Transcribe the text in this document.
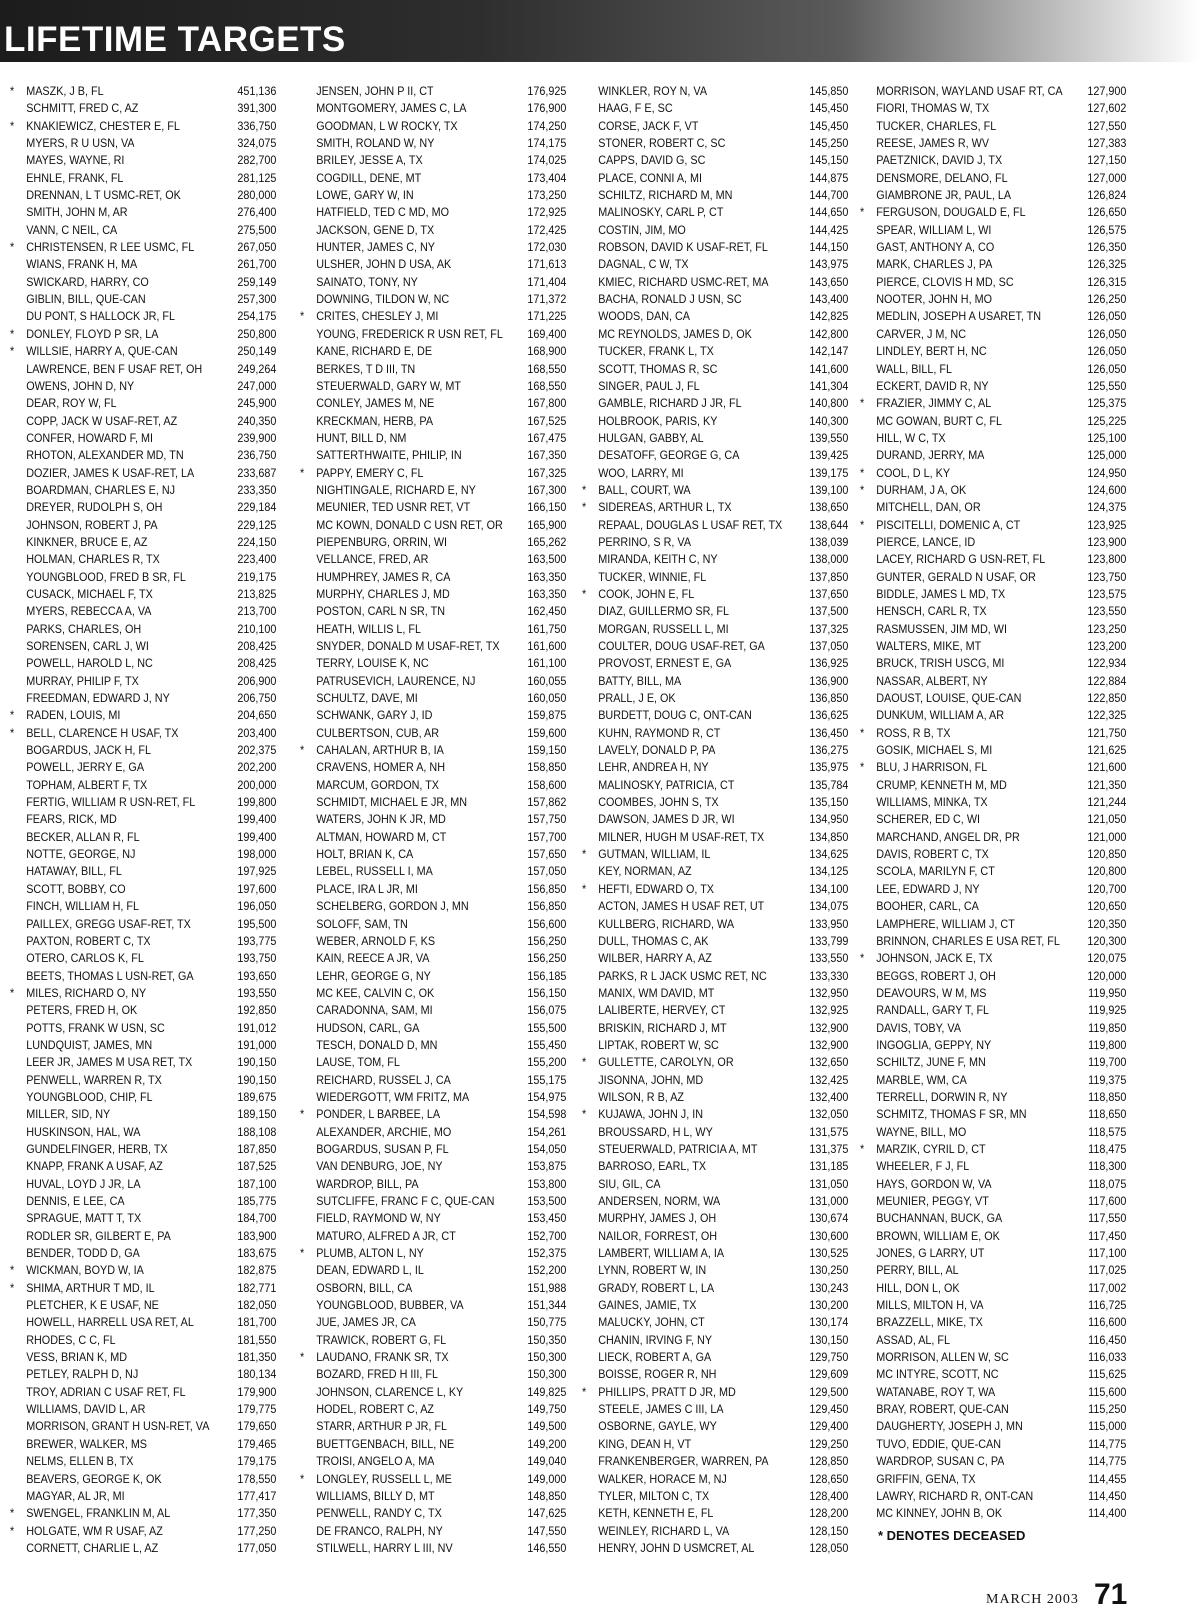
LIFETIME TARGETS
* MASZK, J B, FL	451,136
SCHMITT, FRED C, AZ	391,300
* KNAKIEWICZ, CHESTER E, FL	336,750
MYERS, R U USN, VA	324,075
MAYES, WAYNE, RI	282,700
EHNLE, FRANK, FL	281,125
DRENNAN, L T USMC-RET, OK	280,000
SMITH, JOHN M, AR	276,400
VANN, C NEIL, CA	275,500
* CHRISTENSEN, R LEE USMC, FL	267,050
WIANS, FRANK H, MA	261,700
SWICKARD, HARRY, CO	259,149
GIBLIN, BILL, QUE-CAN	257,300
DU PONT, S HALLOCK JR, FL	254,175
* DONLEY, FLOYD P SR, LA	250,800
* WILLSIE, HARRY A, QUE-CAN	250,149
LAWRENCE, BEN F USAF RET, OH	249,264
OWENS, JOHN D, NY	247,000
DEAR, ROY W, FL	245,900
COPP, JACK W USAF-RET, AZ	240,350
CONFER, HOWARD F, MI	239,900
RHOTON, ALEXANDER MD, TN	236,750
DOZIER, JAMES K USAF-RET, LA	233,687
BOARDMAN, CHARLES E, NJ	233,350
DREYER, RUDOLPH S, OH	229,184
JOHNSON, ROBERT J, PA	229,125
KINKNER, BRUCE E, AZ	224,150
HOLMAN, CHARLES R, TX	223,400
YOUNGBLOOD, FRED B SR, FL	219,175
CUSACK, MICHAEL F, TX	213,825
MYERS, REBECCA A, VA	213,700
PARKS, CHARLES, OH	210,100
SORENSEN, CARL J, WI	208,425
POWELL, HAROLD L, NC	208,425
MURRAY, PHILIP F, TX	206,900
FREEDMAN, EDWARD J, NY	206,750
* RADEN, LOUIS, MI	204,650
* BELL, CLARENCE H USAF, TX	203,400
BOGARDUS, JACK H, FL	202,375
POWELL, JERRY E, GA	202,200
TOPHAM, ALBERT F, TX	200,000
FERTIG, WILLIAM R USN-RET, FL	199,800
FEARS, RICK, MD	199,400
BECKER, ALLAN R, FL	199,400
NOTTE, GEORGE, NJ	198,000
HATAWAY, BILL, FL	197,925
SCOTT, BOBBY, CO	197,600
FINCH, WILLIAM H, FL	196,050
PAILLEX, GREGG USAF-RET, TX	195,500
PAXTON, ROBERT C, TX	193,775
OTERO, CARLOS K, FL	193,750
BEETS, THOMAS L USN-RET, GA	193,650
* MILES, RICHARD O, NY	193,550
PETERS, FRED H, OK	192,850
POTTS, FRANK W USN, SC	191,012
LUNDQUIST, JAMES, MN	191,000
LEER JR, JAMES M USA RET, TX	190,150
PENWELL, WARREN R, TX	190,150
YOUNGBLOOD, CHIP, FL	189,675
MILLER, SID, NY	189,150
HUSKINSON, HAL, WA	188,108
GUNDELFINGER, HERB, TX	187,850
KNAPP, FRANK A USAF, AZ	187,525
HUVAL, LOYD J JR, LA	187,100
DENNIS, E LEE, CA	185,775
SPRAGUE, MATT T, TX	184,700
RODLER SR, GILBERT E, PA	183,900
BENDER, TODD D, GA	183,675
* WICKMAN, BOYD W, IA	182,875
* SHIMA, ARTHUR T MD, IL	182,771
PLETCHER, K E USAF, NE	182,050
HOWELL, HARRELL USA RET, AL	181,700
RHODES, C C, FL	181,550
VESS, BRIAN K, MD	181,350
PETLEY, RALPH D, NJ	180,134
TROY, ADRIAN C USAF RET, FL	179,900
WILLIAMS, DAVID L, AR	179,775
MORRISON, GRANT H USN-RET, VA 179,650
BREWER, WALKER, MS	179,465
NELMS, ELLEN B, TX	179,175
BEAVERS, GEORGE K, OK	178,550
MAGYAR, AL JR, MI	177,417
* SWENGEL, FRANKLIN M, AL	177,350
* HOLGATE, WM R USAF, AZ	177,250
CORNETT, CHARLIE L, AZ	177,050
JENSEN, JOHN P II, CT	176,925
MONTGOMERY, JAMES C, LA	176,900
GOODMAN, L W ROCKY, TX	174,250
SMITH, ROLAND W, NY	174,175
BRILEY, JESSE A, TX	174,025
COGDILL, DENE, MT	173,404
LOWE, GARY W, IN	173,250
HATFIELD, TED C MD, MO	172,925
JACKSON, GENE D, TX	172,425
HUNTER, JAMES C, NY	172,030
ULSHER, JOHN D USA, AK	171,613
SAINATO, TONY, NY	171,404
DOWNING, TILDON W, NC	171,372
* CRITES, CHESLEY J, MI	171,225
YOUNG, FREDERICK R USN RET, FL 169,400
KANE, RICHARD E, DE	168,900
BERKES, T D III, TN	168,550
STEUERWALD, GARY W, MT	168,550
CONLEY, JAMES M, NE	167,800
KRECKMAN, HERB, PA	167,525
HUNT, BILL D, NM	167,475
SATTERTHWAITE, PHILIP, IN	167,350
* PAPPY, EMERY C, FL	167,325
NIGHTINGALE, RICHARD E, NY	167,300
MEUNIER, TED USNR RET, VT	166,150
MC KOWN, DONALD C USN RET, OR 165,900
PIEPENBURG, ORRIN, WI	165,262
VELLANCE, FRED, AR	163,500
HUMPHREY, JAMES R, CA	163,350
MURPHY, CHARLES J, MD	163,350
POSTON, CARL N SR, TN	162,450
HEATH, WILLIS L, FL	161,750
SNYDER, DONALD M USAF-RET, TX 161,600
TERRY, LOUISE K, NC	161,100
PATRUSEVICH, LAURENCE, NJ	160,055
SCHULTZ, DAVE, MI	160,050
SCHWANK, GARY J, ID	159,875
CULBERTSON, CUB, AR	159,600
* CAHALAN, ARTHUR B, IA	159,150
CRAVENS, HOMER A, NH	158,850
MARCUM, GORDON, TX	158,600
SCHMIDT, MICHAEL E JR, MN	157,862
WATERS, JOHN K JR, MD	157,750
ALTMAN, HOWARD M, CT	157,700
HOLT, BRIAN K, CA	157,650
LEBEL, RUSSELL I, MA	157,050
PLACE, IRA L JR, MI	156,850
SCHELBERG, GORDON J, MN	156,850
SOLOFF, SAM, TN	156,600
WEBER, ARNOLD F, KS	156,250
KAIN, REECE A JR, VA	156,250
LEHR, GEORGE G, NY	156,185
MC KEE, CALVIN C, OK	156,150
CARADONNA, SAM, MI	156,075
HUDSON, CARL, GA	155,500
TESCH, DONALD D, MN	155,450
LAUSE, TOM, FL	155,200
REICHARD, RUSSEL J, CA	155,175
WIEDERGOTT, WM FRITZ, MA	154,975
* PONDER, L BARBEE, LA	154,598
ALEXANDER, ARCHIE, MO	154,261
BOGARDUS, SUSAN P, FL	154,050
VAN DENBURG, JOE, NY	153,875
WARDROP, BILL, PA	153,800
SUTCLIFFE, FRANC F C, QUE-CAN	153,500
FIELD, RAYMOND W, NY	153,450
MATURO, ALFRED A JR, CT	152,700
* PLUMB, ALTON L, NY	152,375
DEAN, EDWARD L, IL	152,200
OSBORN, BILL, CA	151,988
YOUNGBLOOD, BUBBER, VA	151,344
JUE, JAMES JR, CA	150,775
TRAWICK, ROBERT G, FL	150,350
* LAUDANO, FRANK SR, TX	150,300
BOZARD, FRED H III, FL	150,300
JOHNSON, CLARENCE L, KY	149,825
HODEL, ROBERT C, AZ	149,750
STARR, ARTHUR P JR, FL	149,500
BUETTGENBACH, BILL, NE	149,200
TROISI, ANGELO A, MA	149,040
* LONGLEY, RUSSELL L, ME	149,000
WILLIAMS, BILLY D, MT	148,850
PENWELL, RANDY C, TX	147,625
DE FRANCO, RALPH, NY	147,550
STILWELL, HARRY L III, NV	146,550
WINKLER, ROY N, VA	145,850
HAAG, F E, SC	145,450
CORSE, JACK F, VT	145,450
STONER, ROBERT C, SC	145,250
CAPPS, DAVID G, SC	145,150
PLACE, CONNI A, MI	144,875
SCHILTZ, RICHARD M, MN	144,700
MALINOSKY, CARL P, CT	144,650
COSTIN, JIM, MO	144,425
ROBSON, DAVID K USAF-RET, FL	144,150
DAGNAL, C W, TX	143,975
KMIEC, RICHARD USMC-RET, MA	143,650
BACHA, RONALD J USN, SC	143,400
WOODS, DAN, CA	142,825
MC REYNOLDS, JAMES D, OK	142,800
TUCKER, FRANK L, TX	142,147
SCOTT, THOMAS R, SC	141,600
SINGER, PAUL J, FL	141,304
GAMBLE, RICHARD J JR, FL	140,800
HOLBROOK, PARIS, KY	140,300
HULGAN, GABBY, AL	139,550
DESATOFF, GEORGE G, CA	139,425
WOO, LARRY, MI	139,175
* BALL, COURT, WA	139,100
* SIDEREAS, ARTHUR L, TX	138,650
REPAAL, DOUGLAS L USAF RET, TX 138,644
PERRINO, S R, VA	138,039
MIRANDA, KEITH C, NY	138,000
TUCKER, WINNIE, FL	137,850
* COOK, JOHN E, FL	137,650
DIAZ, GUILLERMO SR, FL	137,500
MORGAN, RUSSELL L, MI	137,325
COULTER, DOUG USAF-RET, GA	137,050
PROVOST, ERNEST E, GA	136,925
BATTY, BILL, MA	136,900
PRALL, J E, OK	136,850
BURDETT, DOUG C, ONT-CAN	136,625
KUHN, RAYMOND R, CT	136,450
LAVELY, DONALD P, PA	136,275
LEHR, ANDREA H, NY	135,975
MALINOSKY, PATRICIA, CT	135,784
COOMBES, JOHN S, TX	135,150
DAWSON, JAMES D JR, WI	134,950
MILNER, HUGH M USAF-RET, TX	134,850
* GUTMAN, WILLIAM, IL	134,625
KEY, NORMAN, AZ	134,125
* HEFTI, EDWARD O, TX	134,100
ACTON, JAMES H USAF RET, UT	134,075
KULLBERG, RICHARD, WA	133,950
DULL, THOMAS C, AK	133,799
WILBER, HARRY A, AZ	133,550
PARKS, R L JACK USMC RET, NC	133,330
MANIX, WM DAVID, MT	132,950
LALIBERTE, HERVEY, CT	132,925
BRISKIN, RICHARD J, MT	132,900
LIPTAK, ROBERT W, SC	132,900
* GULLETTE, CAROLYN, OR	132,650
JISONNA, JOHN, MD	132,425
WILSON, R B, AZ	132,400
* KUJAWA, JOHN J, IN	132,050
BROUSSARD, H L, WY	131,575
STEUERWALD, PATRICIA A, MT	131,375
BARROSO, EARL, TX	131,185
SIU, GIL, CA	131,050
ANDERSEN, NORM, WA	131,000
MURPHY, JAMES J, OH	130,674
NAILOR, FORREST, OH	130,600
LAMBERT, WILLIAM A, IA	130,525
LYNN, ROBERT W, IN	130,250
GRADY, ROBERT L, LA	130,243
GAINES, JAMIE, TX	130,200
MALUCKY, JOHN, CT	130,174
CHANIN, IRVING F, NY	130,150
LIECK, ROBERT A, GA	129,750
BOISSE, ROGER R, NH	129,609
* PHILLIPS, PRATT D JR, MD	129,500
STEELE, JAMES C III, LA	129,450
OSBORNE, GAYLE, WY	129,400
KING, DEAN H, VT	129,250
FRANKENBERGER, WARREN, PA	128,850
WALKER, HORACE M, NJ	128,650
TYLER, MILTON C, TX	128,400
KETH, KENNETH E, FL	128,200
WEINLEY, RICHARD L, VA	128,150
HENRY, JOHN D USMCRET, AL	128,050
MORRISON, WAYLAND USAF RT, CA 127,900
FIORI, THOMAS W, TX	127,602
TUCKER, CHARLES, FL	127,550
REESE, JAMES R, WV	127,383
PAETZNICK, DAVID J, TX	127,150
DENSMORE, DELANO, FL	127,000
GIAMBRONE JR, PAUL, LA	126,824
* FERGUSON, DOUGALD E, FL	126,650
SPEAR, WILLIAM L, WI	126,575
GAST, ANTHONY A, CO	126,350
MARK, CHARLES J, PA	126,325
PIERCE, CLOVIS H MD, SC	126,315
NOOTER, JOHN H, MO	126,250
MEDLIN, JOSEPH A USARET, TN	126,050
CARVER, J M, NC	126,050
LINDLEY, BERT H, NC	126,050
WALL, BILL, FL	126,050
ECKERT, DAVID R, NY	125,550
* FRAZIER, JIMMY C, AL	125,375
MC GOWAN, BURT C, FL	125,225
HILL, W C, TX	125,100
DURAND, JERRY, MA	125,000
* COOL, D L, KY	124,950
* DURHAM, J A, OK	124,600
MITCHELL, DAN, OR	124,375
* PISCITELLI, DOMENIC A, CT	123,925
PIERCE, LANCE, ID	123,900
LACEY, RICHARD G USN-RET, FL	123,800
GUNTER, GERALD N USAF, OR	123,750
BIDDLE, JAMES L MD, TX	123,575
HENSCH, CARL R, TX	123,550
RASMUSSEN, JIM MD, WI	123,250
WALTERS, MIKE, MT	123,200
BRUCK, TRISH USCG, MI	122,934
NASSAR, ALBERT, NY	122,884
DAOUST, LOUISE, QUE-CAN	122,850
DUNKUM, WILLIAM A, AR	122,325
* ROSS, R B, TX	121,750
GOSIK, MICHAEL S, MI	121,625
* BLU, J HARRISON, FL	121,600
CRUMP, KENNETH M, MD	121,350
WILLIAMS, MINKA, TX	121,244
SCHERER, ED C, WI	121,050
MARCHAND, ANGEL DR, PR	121,000
DAVIS, ROBERT C, TX	120,850
SCOLA, MARILYN F, CT	120,800
LEE, EDWARD J, NY	120,700
BOOHER, CARL, CA	120,650
LAMPHERE, WILLIAM J, CT	120,350
BRINNON, CHARLES E USA RET, FL 120,300
* JOHNSON, JACK E, TX	120,075
BEGGS, ROBERT J, OH	120,000
DEAVOURS, W M, MS	119,950
RANDALL, GARY T, FL	119,925
DAVIS, TOBY, VA	119,850
INGOGLIA, GEPPY, NY	119,800
SCHILTZ, JUNE F, MN	119,700
MARBLE, WM, CA	119,375
TERRELL, DORWIN R, NY	118,850
SCHMITZ, THOMAS F SR, MN	118,650
WAYNE, BILL, MO	118,575
* MARZIK, CYRIL D, CT	118,475
WHEELER, F J, FL	118,300
HAYS, GORDON W, VA	118,075
MEUNIER, PEGGY, VT	117,600
BUCHANNAN, BUCK, GA	117,550
BROWN, WILLIAM E, OK	117,450
JONES, G LARRY, UT	117,100
PERRY, BILL, AL	117,025
HILL, DON L, OK	117,002
MILLS, MILTON H, VA	116,725
BRAZZELL, MIKE, TX	116,600
ASSAD, AL, FL	116,450
MORRISON, ALLEN W, SC	116,033
MC INTYRE, SCOTT, NC	115,625
WATANABE, ROY T, WA	115,600
BRAY, ROBERT, QUE-CAN	115,250
DAUGHERTY, JOSEPH J, MN	115,000
TUVO, EDDIE, QUE-CAN	114,775
WARDROP, SUSAN C, PA	114,775
GRIFFIN, GENA, TX	114,455
LAWRY, RICHARD R, ONT-CAN	114,450
MC KINNEY, JOHN B, OK	114,400
* DENOTES DECEASED
MARCH 2003 71
